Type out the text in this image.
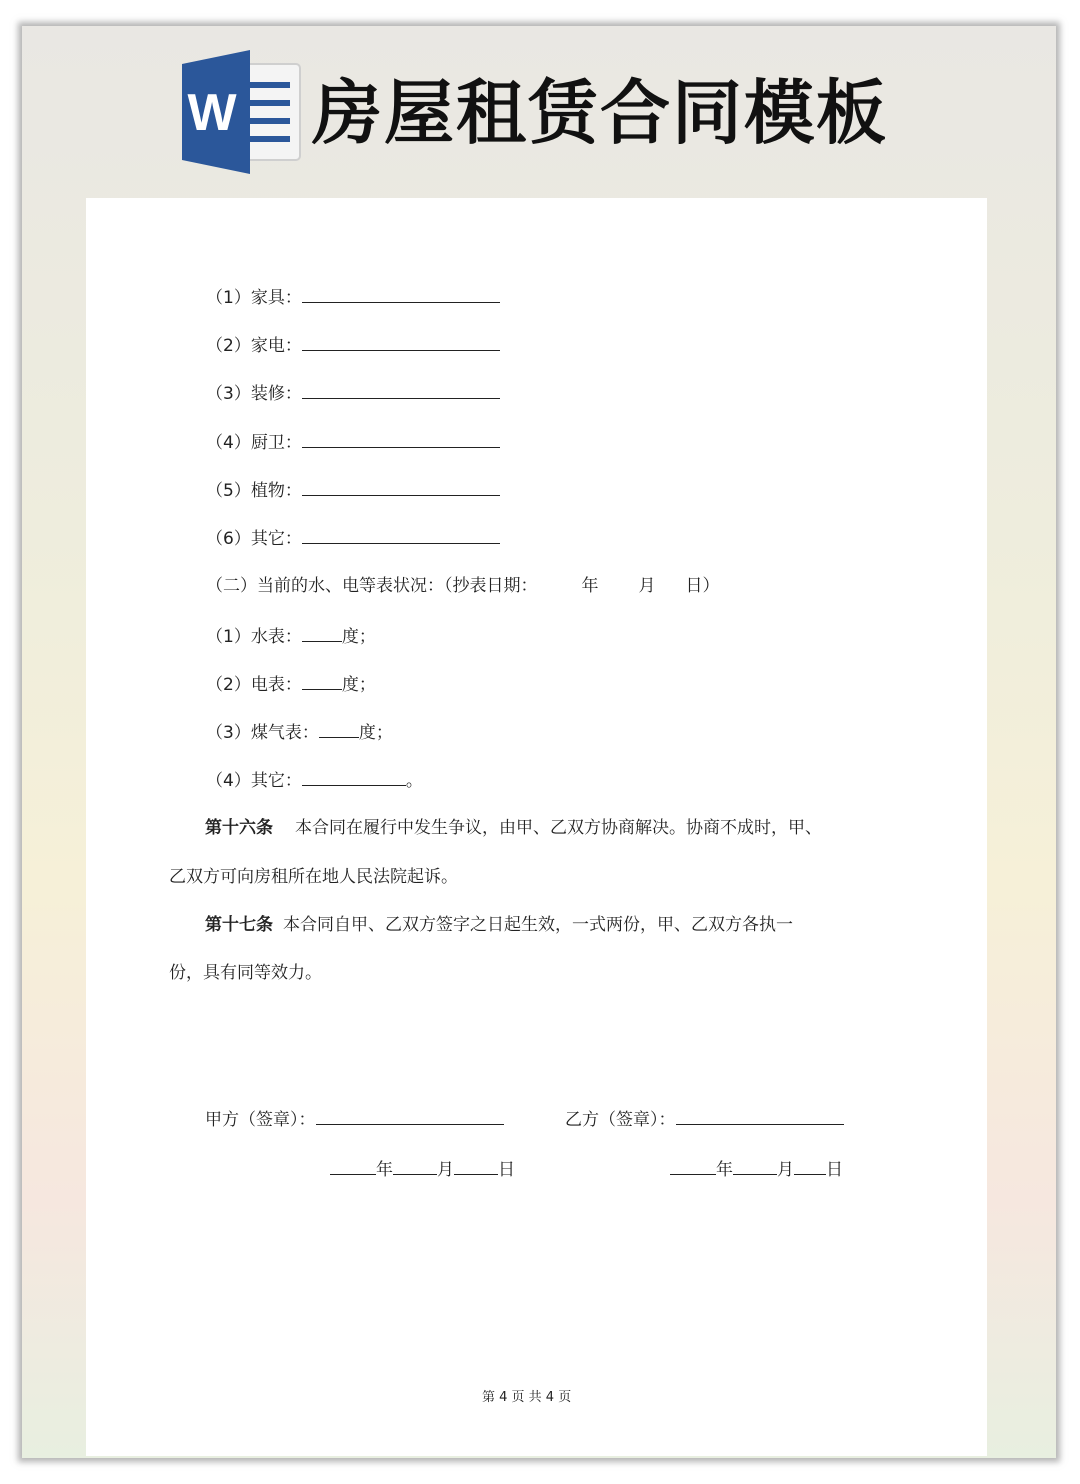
W 房屋租赁合同模板
（1）家具：
（2）家电：
（3）装修：
（4）厨卫：
（5）植物：
（6）其它：
（二）当前的水、电等表状况：（抄表日期：	年 月 日）
（1）水表： 度；
（2）电表： 度；
（3）煤气表： 度；
（4）其它：	。
第十六条 本合同在履行中发生争议，由甲、乙双方协商解决。协商不成时，甲、
乙双方可向房租所在地人民法院起诉。
第十七条 本合同自甲、乙双方签字之日起生效，一式两份，甲、乙双方各执一
份，具有同等效力。
甲方（签章）：	乙方（签章）：
年	月	日	年	月 日
第 4 页 共 4 页
